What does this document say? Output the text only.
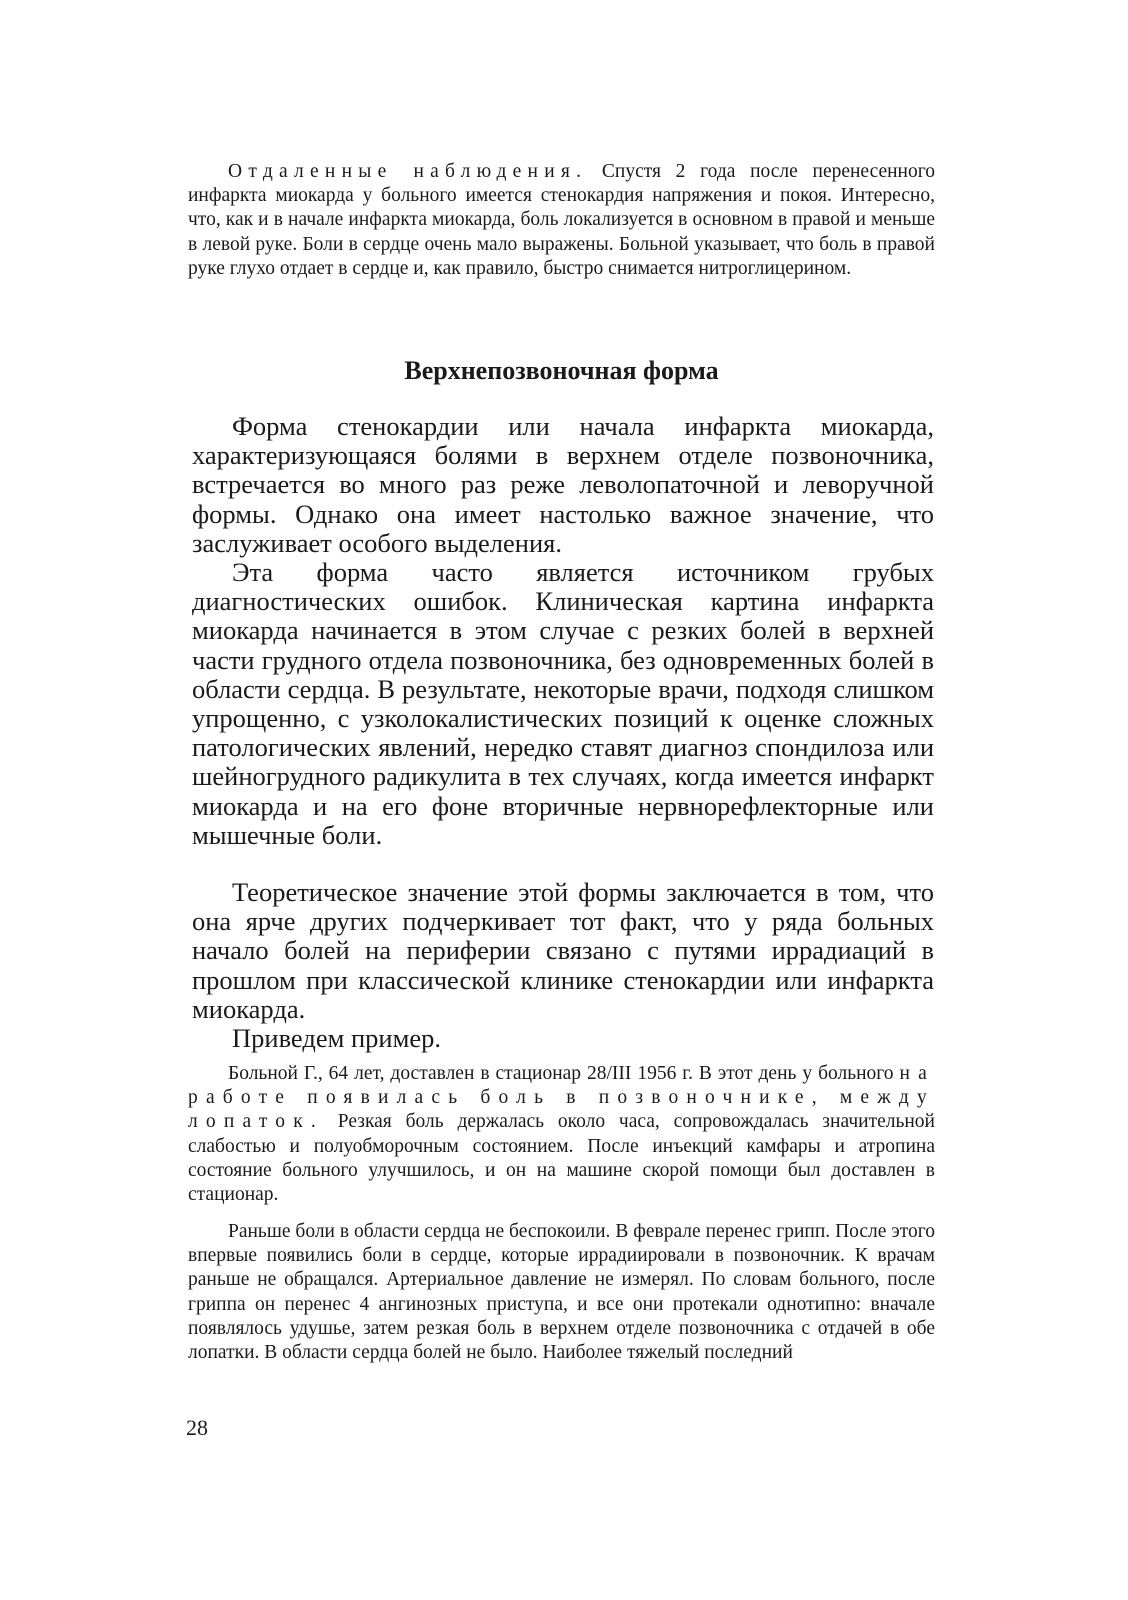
Отдаленные наблюдения. Спустя 2 года после перенесенного инфаркта миокарда у больного имеется стенокардия напряжения и покоя. Интересно, что, как и в начале инфаркта миокарда, боль локализуется в основном в правой и меньше в левой руке. Боли в сердце очень мало выражены. Больной указывает, что боль в правой руке глухо отдает в сердце и, как правило, быстро снимается нитроглицерином.

Верхнепозвоночная форма

Форма стенокардии или начала инфаркта миокарда, характеризующаяся болями в верхнем отделе позвоночника, встречается во много раз реже леволопаточной и леворучной формы. Однако она имеет настолько важное значение, что заслуживает особого выделения.

Эта форма часто является источником грубых диагностических ошибок. Клиническая картина инфаркта миокарда начинается в этом случае с резких болей в верхней части грудного отдела позвоночника, без одновременных болей в области сердца. В результате, некоторые врачи, подходя слишком упрощенно, с узколокалистических позиций к оценке сложных патологических явлений, нередко ставят диагноз спондилоза или шейногрудного радикулита в тех случаях, когда имеется инфаркт миокарда и на его фоне вторичные нервнорефлекторные или мышечные боли.

Теоретическое значение этой формы заключается в том, что она ярче других подчеркивает тот факт, что у ряда больных начало болей на периферии связано с путями иррадиаций в прошлом при классической клинике стенокардии или инфаркта миокарда.

Приведем пример.

Больной Г., 64 лет, доставлен в стационар 28/III 1956 г. В этот день у больного на работе появилась боль в позвоночнике, между лопаток. Резкая боль держалась около часа, сопровождалась значительной слабостью и полуобморочным состоянием. После инъекций камфары и атропина состояние больного улучшилось, и он на машине скорой помощи был доставлен в стационар.

Раньше боли в области сердца не беспокоили. В феврале перенес грипп. После этого впервые появились боли в сердце, которые иррадиировали в позвоночник. К врачам раньше не обращался. Артериальное давление не измерял. По словам больного, после гриппа он перенес 4 ангинозных приступа, и все они протекали однотипно: вначале появлялось удушье, затем резкая боль в верхнем отделе позвоночника с отдачей в обе лопатки. В области сердца болей не было. Наиболее тяжелый последний

28
